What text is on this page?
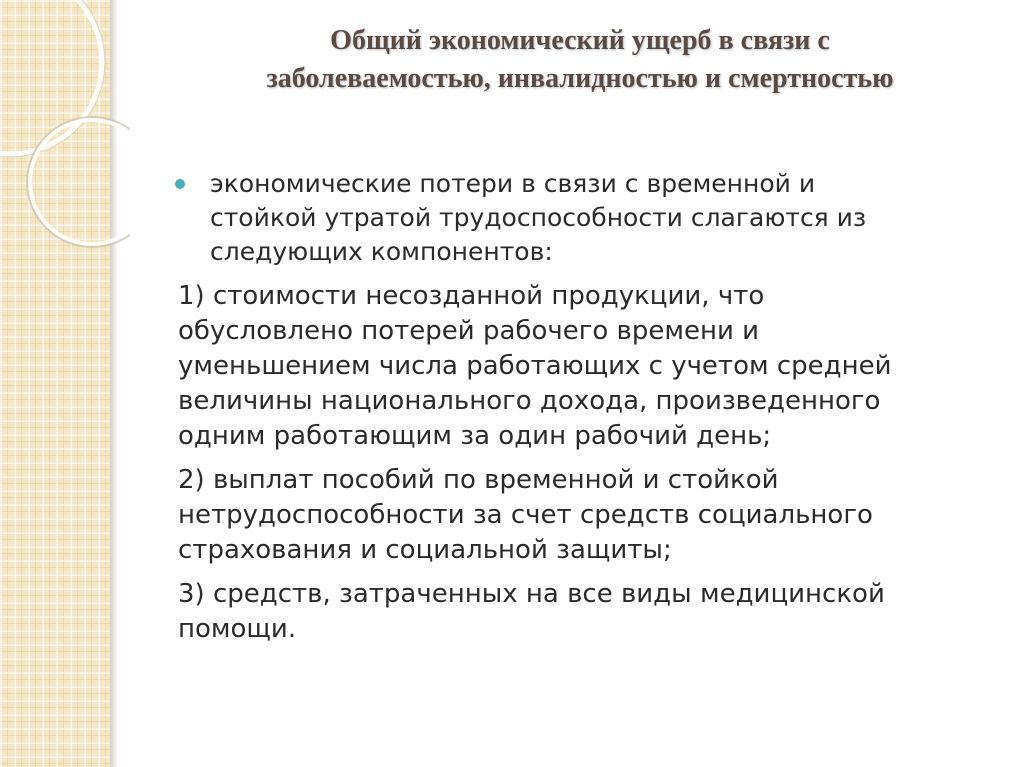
Общий экономический ущерб в связи с
заболеваемостью, инвалидностью и смертностью
экономические потери в связи с временной и
стойкой утратой трудоспособности слагаются из
следующих компонентов:
1) стоимости несозданной продукции, что
обусловлено потерей рабочего времени и
уменьшением числа работающих с учетом средней
величины национального дохода, произведенного
одним работающим за один рабочий день;
2) выплат пособий по временной и стойкой
нетрудоспособности за счет средств социального
страхования и социальной защиты;
3) средств, затраченных на все виды медицинской
помощи.
